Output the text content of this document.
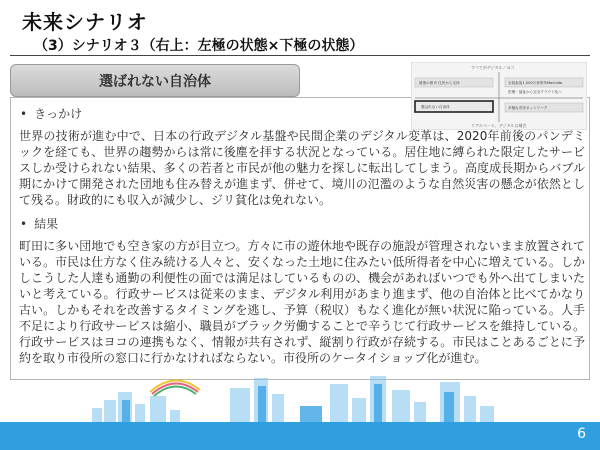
未来シナリオ
（3）シナリオ３（右上：左極の状態×下極の状態）
選ばれない自治体
すべてがデジタル／ヨコ
最後の都市 住民から支持	全員参加1,000万世帯年Machida
選ばれない自治体
医療・福祉から完全クラウド化へ
多様な市民ネットワーク
リアルベース、デジタルは補完
• きっかけ
世界の技術が進む中で、日本の行政デジタル基盤や民間企業のデジタル変革は、2020年前後のパンデミックを経ても、世界の趨勢からは常に後塵を拝する状況となっている。居住地に縛られた限定したサービスしか受けられない結果、多くの若者と市民が他の魅力を探しに転出してしまう。高度成長期からバブル期にかけて開発された団地も住み替えが進まず、併せて、境川の氾濫のような自然災害の懸念が依然として残る。財政的にも収入が減少し、ジリ貧化は免れない。
• 結果
町田に多い団地でも空き家の方が目立つ。方々に市の遊休地や既存の施設が管理されないまま放置されている。市民は仕方なく住み続ける人々と、安くなった土地に住みたい低所得者を中心に増えている。しかしこうした人達も通勤の利便性の面では満足はしているものの、機会があればいつでも外へ出てしまいたいと考えている。行政サービスは従来のまま、デジタル利用があまり進まず、他の自治体と比べてかなり古い。しかもそれを改善するタイミングを逃し、予算（税収）もなく進化が無い状況に陥っている。人手不足により行政サービスは縮小、職員がブラック労働することで辛うじて行政サービスを維持している。行政サービスはヨコの連携もなく、情報が共有されず、縦割り行政が存続する。市民はことあるごとに予約を取り市役所の窓口に行かなければならない。市役所のケータイショップ化が進む。
6
